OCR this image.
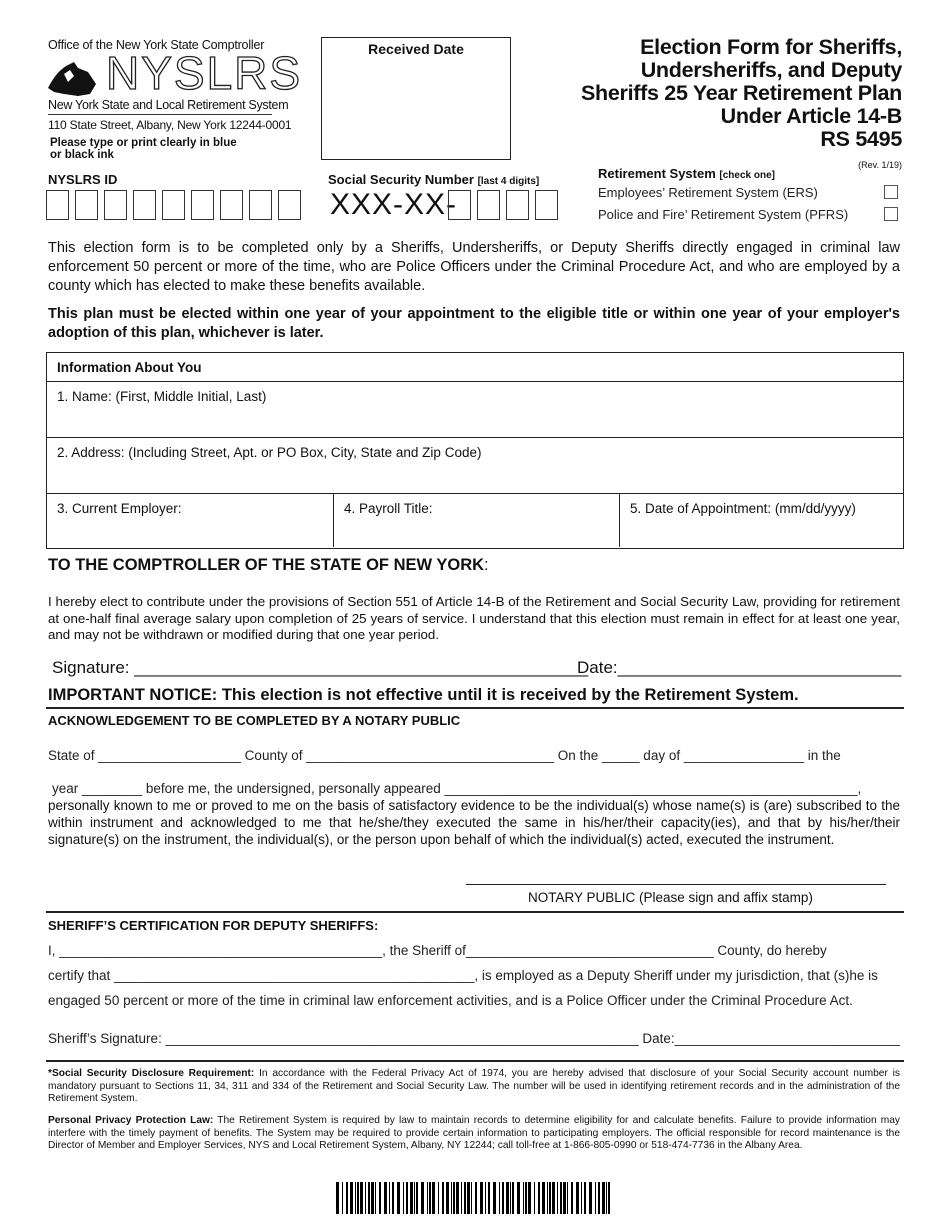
Office of the New York State Comptroller
NYSLRS
New York State and Local Retirement System
110 State Street, Albany, New York 12244-0001
Please type or print clearly in blue or black ink
Received Date	Election Form for Sheriffs,
Undersheriffs, and Deputy
Sheriffs 25 Year Retirement Plan
Under Article 14-B
RS 5495
(Rev. 1/19)
NYSLRS ID	Social Security Number [last 4 digits]
XXX-XX-
Retirement System [check one]
Employees’ Retirement System (ERS)
Police and Fire’ Retirement System (PFRS)
This election form is to be completed only by a Sheriffs, Undersheriffs, or Deputy Sheriffs directly engaged in criminal law enforcement 50 percent or more of the time, who are Police Officers under the Criminal Procedure Act, and who are employed by a county which has elected to make these benefits available.
This plan must be elected within one year of your appointment to the eligible title or within one year of your employer's adoption of this plan, whichever is later.
Information About You
1. Name: (First, Middle Initial, Last)
2. Address: (Including Street, Apt. or PO Box, City, State and Zip Code)
3. Current Employer:	4. Payroll Title:	5. Date of Appointment: (mm/dd/yyyy)
TO THE COMPTROLLER OF THE STATE OF NEW YORK:
I hereby elect to contribute under the provisions of Section 551 of Article 14-B of the Retirement and Social Security Law, providing for retirement at one-half final average salary upon completion of 25 years of service. I understand that this election must remain in effect for at least one year, and may not be withdrawn or modified during that one year period.
Signature: ________________________________________________
Date:______________________________
IMPORTANT NOTICE: This election is not effective until it is received by the Retirement System.
ACKNOWLEDGEMENT TO BE COMPLETED BY A NOTARY PUBLIC
State of ___________________ County of _________________________________ On the _____ day of ________________ in the
year ________ before me, the undersigned, personally appeared _______________________________________________________,
personally known to me or proved to me on the basis of satisfactory evidence to be the individual(s) whose name(s) is (are) subscribed to the within instrument and acknowledged to me that he/she/they executed the same in his/her/their capacity(ies), and that by his/her/their signature(s) on the instrument, the individual(s), or the person upon behalf of which the individual(s) acted, executed the instrument.
NOTARY PUBLIC (Please sign and affix stamp)
SHERIFF’S CERTIFICATION FOR DEPUTY SHERIFFS:
I, ___________________________________________, the Sheriff of_________________________________ County, do hereby
certify that ________________________________________________, is employed as a Deputy Sheriff under my jurisdiction, that (s)he is
engaged 50 percent or more of the time in criminal law enforcement activities, and is a Police Officer under the Criminal Procedure Act.
Sheriff’s Signature: _______________________________________________________________ Date:______________________________
*Social Security Disclosure Requirement: In accordance with the Federal Privacy Act of 1974, you are hereby advised that disclosure of your Social Security account number is mandatory pursuant to Sections 11, 34, 311 and 334 of the Retirement and Social Security Law. The number will be used in identifying retirement records and in the administration of the Retirement System.
Personal Privacy Protection Law: The Retirement System is required by law to maintain records to determine eligibility for and calculate benefits. Failure to provide information may interfere with the timely payment of benefits. The System may be required to provide certain information to participating employers. The official responsible for record maintenance is the Director of Member and Employer Services, NYS and Local Retirement System, Albany, NY 12244; call toll-free at 1-866-805-0990 or 518-474-7736 in the Albany Area.
